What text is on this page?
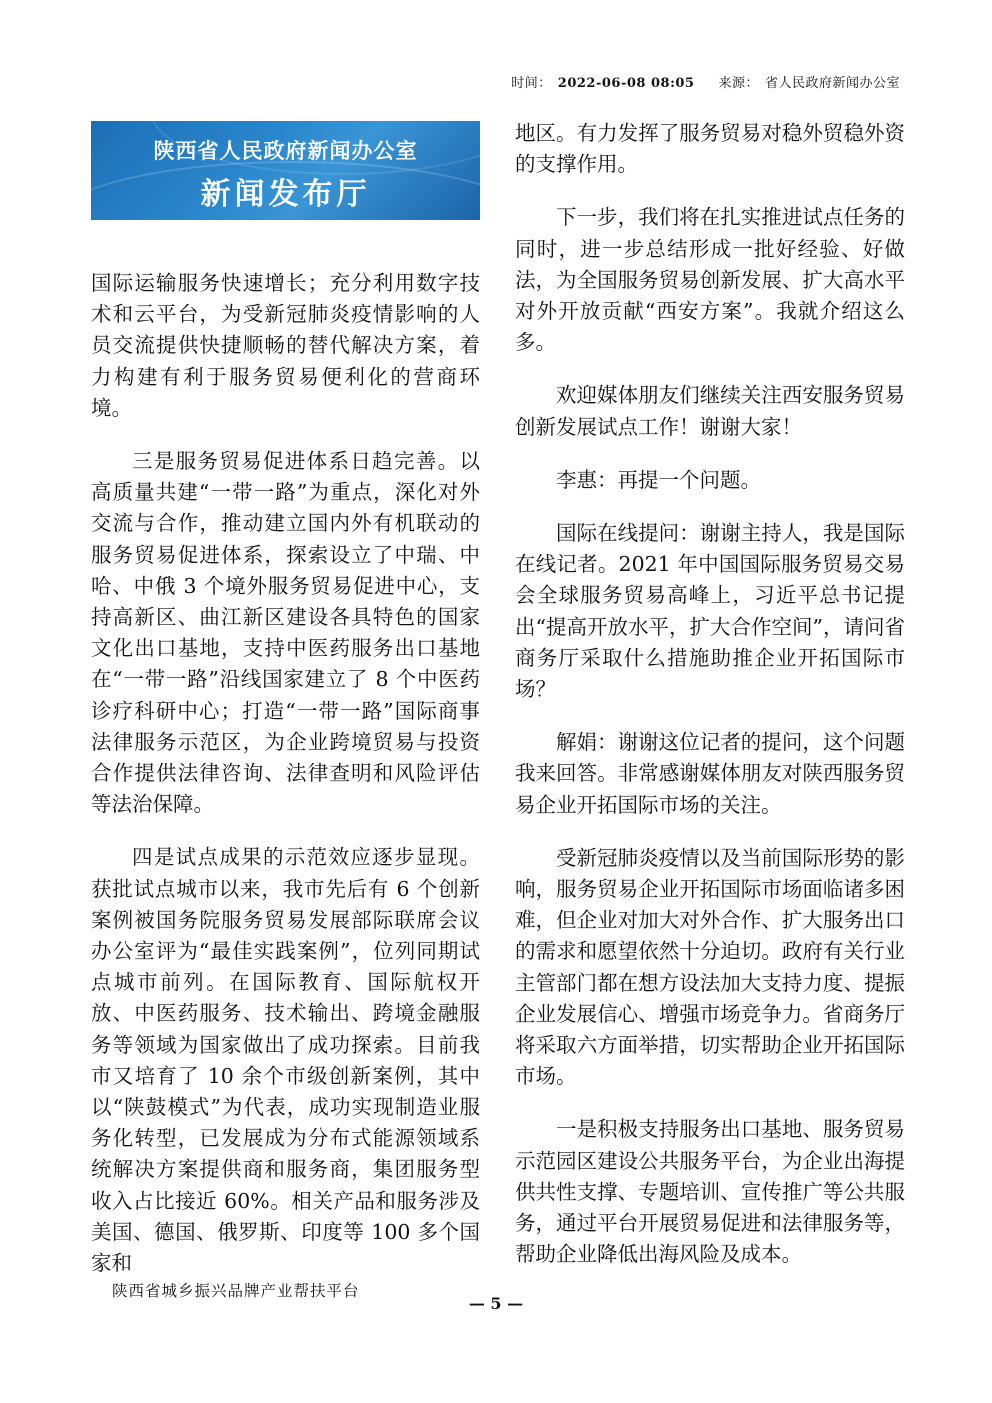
时间： 2022-06-08 08:05 来源： 省人民政府新闻办公室
陕西省人民政府新闻办公室
新闻发布厅

国际运输服务快速增长；充分利用数字技术和云平台，为受新冠肺炎疫情影响的人员交流提供快捷顺畅的替代解决方案，着力构建有利于服务贸易便利化的营商环境。

三是服务贸易促进体系日趋完善。以高质量共建“一带一路”为重点，深化对外交流与合作，推动建立国内外有机联动的服务贸易促进体系，探索设立了中瑞、中哈、中俄 3 个境外服务贸易促进中心，支持高新区、曲江新区建设各具特色的国家文化出口基地，支持中医药服务出口基地在“一带一路”沿线国家建立了 8 个中医药诊疗科研中心；打造“一带一路”国际商事法律服务示范区，为企业跨境贸易与投资合作提供法律咨询、法律查明和风险评估等法治保障。

四是试点成果的示范效应逐步显现。获批试点城市以来，我市先后有 6 个创新案例被国务院服务贸易发展部际联席会议办公室评为“最佳实践案例”，位列同期试点城市前列。在国际教育、国际航权开放、中医药服务、技术输出、跨境金融服务等领域为国家做出了成功探索。目前我市又培育了 10 余个市级创新案例，其中以“陕鼓模式”为代表，成功实现制造业服务化转型，已发展成为分布式能源领域系统解决方案提供商和服务商，集团服务型收入占比接近 60%。相关产品和服务涉及美国、德国、俄罗斯、印度等 100 多个国家和

地区。有力发挥了服务贸易对稳外贸稳外资的支撑作用。

下一步，我们将在扎实推进试点任务的同时，进一步总结形成一批好经验、好做法，为全国服务贸易创新发展、扩大高水平对外开放贡献“西安方案”。我就介绍这么多。

欢迎媒体朋友们继续关注西安服务贸易创新发展试点工作！谢谢大家！

李惠：再提一个问题。

国际在线提问：谢谢主持人，我是国际在线记者。2021 年中国国际服务贸易交易会全球服务贸易高峰上，习近平总书记提出“提高开放水平，扩大合作空间”，请问省商务厅采取什么措施助推企业开拓国际市场？

解娟：谢谢这位记者的提问，这个问题我来回答。非常感谢媒体朋友对陕西服务贸易企业开拓国际市场的关注。

受新冠肺炎疫情以及当前国际形势的影响，服务贸易企业开拓国际市场面临诸多困难，但企业对加大对外合作、扩大服务出口的需求和愿望依然十分迫切。政府有关行业主管部门都在想方设法加大支持力度、提振企业发展信心、增强市场竞争力。省商务厅将采取六方面举措，切实帮助企业开拓国际市场。

一是积极支持服务出口基地、服务贸易示范园区建设公共服务平台，为企业出海提供共性支撑、专题培训、宣传推广等公共服务，通过平台开展贸易促进和法律服务等，帮助企业降低出海风险及成本。

陕西省城乡振兴品牌产业帮扶平台
— 5 —
